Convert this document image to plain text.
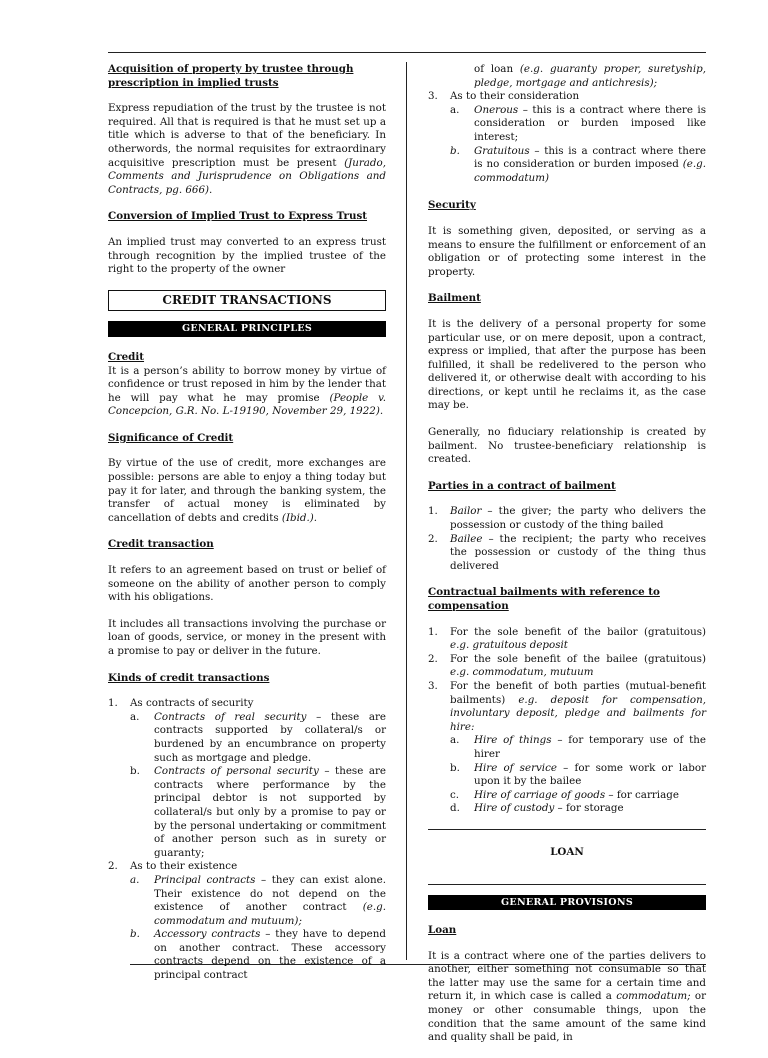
Acquisition of property by trustee through prescription in implied trusts

Express repudiation of the trust by the trustee is not required. All that is required is that he must set up a title which is adverse to that of the beneficiary. In otherwords, the normal requisites for extraordinary acquisitive prescription must be present (Jurado, Comments and Jurisprudence on Obligations and Contracts, pg. 666).

Conversion of Implied Trust to Express Trust

An implied trust may converted to an express trust through recognition by the implied trustee of the right to the property of the owner

CREDIT TRANSACTIONS
GENERAL PRINCIPLES
Credit

It is a person’s ability to borrow money by virtue of confidence or trust reposed in him by the lender that he will pay what he may promise (People v. Concepcion, G.R. No. L-19190, November 29, 1922).

Significance of Credit

By virtue of the use of credit, more exchanges are possible: persons are able to enjoy a thing today but pay it for later, and through the banking system, the transfer of actual money is eliminated by cancellation of debts and credits (Ibid.).

Credit transaction

It refers to an agreement based on trust or belief of someone on the ability of another person to comply with his obligations.

It includes all transactions involving the purchase or loan of goods, service, or money in the present with a promise to pay or deliver in the future.

Kinds of credit transactions
1. As contracts of security
a. Contracts of real security – these are contracts supported by collateral/s or burdened by an encumbrance on property such as mortgage and pledge.
b. Contracts of personal security – these are contracts where performance by the principal debtor is not supported by collateral/s but only by a promise to pay or by the personal undertaking or commitment of another person such as in surety or guaranty;
2. As to their existence
a. Principal contracts – they can exist alone. Their existence do not depend on the existence of another contract (e.g. commodatum and mutuum);
b. Accessory contracts – they have to depend on another contract. These accessory contracts depend on the existence of a principal contract
of loan (e.g. guaranty proper, suretyship, pledge, mortgage and antichresis);
3. As to their consideration
a. Onerous – this is a contract where there is consideration or burden imposed like interest;
b. Gratuitous – this is a contract where there is no consideration or burden imposed (e.g. commodatum)
Security

It is something given, deposited, or serving as a means to ensure the fulfillment or enforcement of an obligation or of protecting some interest in the property.

Bailment

It is the delivery of a personal property for some particular use, or on mere deposit, upon a contract, express or implied, that after the purpose has been fulfilled, it shall be redelivered to the person who delivered it, or otherwise dealt with according to his directions, or kept until he reclaims it, as the case may be.

Generally, no fiduciary relationship is created by bailment. No trustee-beneficiary relationship is created.

Parties in a contract of bailment
1. Bailor – the giver; the party who delivers the possession or custody of the thing bailed
2. Bailee – the recipient; the party who receives the possession or custody of the thing thus delivered
Contractual bailments with reference to compensation
1. For the sole benefit of the bailor (gratuitous) e.g. gratuitous deposit
2. For the sole benefit of the bailee (gratuitous) e.g. commodatum, mutuum
3. For the benefit of both parties (mutual-benefit bailments) e.g. deposit for compensation, involuntary deposit, pledge and bailments for hire:
a. Hire of things – for temporary use of the hirer
b. Hire of service – for some work or labor upon it by the bailee
c. Hire of carriage of goods – for carriage
d. Hire of custody – for storage
LOAN
GENERAL PROVISIONS
Loan

It is a contract where one of the parties delivers to another, either something not consumable so that the latter may use the same for a certain time and return it, in which case is called a commodatum; or money or other consumable things, upon the condition that the same amount of the same kind and quality shall be paid, in
